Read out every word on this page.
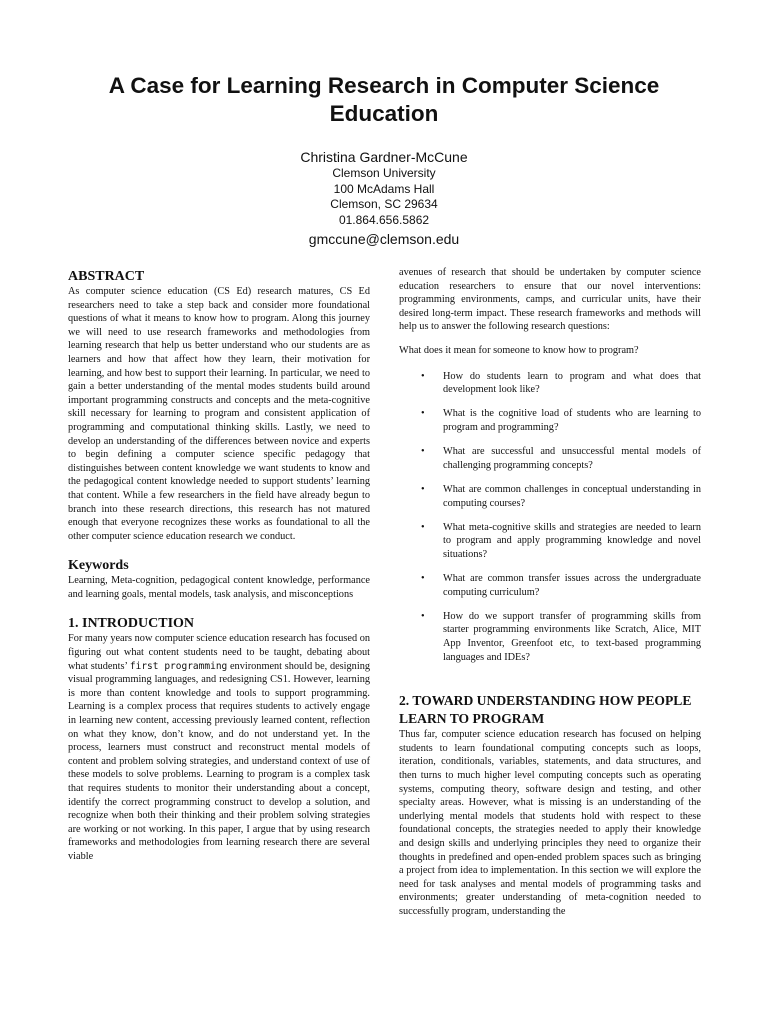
A Case for Learning Research in Computer Science Education
Christina Gardner-McCune
Clemson University
100 McAdams Hall
Clemson, SC 29634
01.864.656.5862
gmccune@clemson.edu
ABSTRACT

As computer science education (CS Ed) research matures, CS Ed researchers need to take a step back and consider more foundational questions of what it means to know how to program. Along this journey we will need to use research frameworks and methodologies from learning research that help us better understand who our students are as learners and how that affect how they learn, their motivation for learning, and how best to support their learning. In particular, we need to gain a better understanding of the mental modes students build around important programming constructs and concepts and the meta-cognitive skill necessary for learning to program and consistent application of programming and computational thinking skills. Lastly, we need to develop an understanding of the differences between novice and experts to begin defining a computer science specific pedagogy that distinguishes between content knowledge we want students to know and the pedagogical content knowledge needed to support students’ learning that content. While a few researchers in the field have already begun to branch into these research directions, this research has not matured enough that everyone recognizes these works as foundational to all the other computer science education research we conduct.

Keywords

Learning, Meta-cognition, pedagogical content knowledge, performance and learning goals, mental models, task analysis, and misconceptions

1. INTRODUCTION

For many years now computer science education research has focused on figuring out what content students need to be taught, debating about what students’ first programming environment should be, designing visual programming languages, and redesigning CS1. However, learning is more than content knowledge and tools to support programming. Learning is a complex process that requires students to actively engage in learning new content, accessing previously learned content, reflection on what they know, don’t know, and do not understand yet. In the process, learners must construct and reconstruct mental models of content and problem solving strategies, and understand context of use of these models to solve problems. Learning to program is a complex task that requires students to monitor their understanding about a concept, identify the correct programming construct to develop a solution, and recognize when both their thinking and their problem solving strategies are working or not working. In this paper, I argue that by using research frameworks and methodologies from learning research there are several viable

avenues of research that should be undertaken by computer science education researchers to ensure that our novel interventions: programming environments, camps, and curricular units, have their desired long-term impact. These research frameworks and methods will help us to answer the following research questions:

What does it mean for someone to know how to program?

• How do students learn to program and what does that development look like?
• What is the cognitive load of students who are learning to program and programming?
• What are successful and unsuccessful mental models of challenging programming concepts?
• What are common challenges in conceptual understanding in computing courses?
• What meta-cognitive skills and strategies are needed to learn to program and apply programming knowledge and novel situations?
• What are common transfer issues across the undergraduate computing curriculum?
• How do we support transfer of programming skills from starter programming environments like Scratch, Alice, MIT App Inventor, Greenfoot etc, to text-based programming languages and IDEs?
2. TOWARD UNDERSTANDING HOW PEOPLE LEARN TO PROGRAM

Thus far, computer science education research has focused on helping students to learn foundational computing concepts such as loops, iteration, conditionals, variables, statements, and data structures, and then turns to much higher level computing concepts such as operating systems, computing theory, software design and testing, and other specialty areas. However, what is missing is an understanding of the underlying mental models that students hold with respect to these foundational concepts, the strategies needed to apply their knowledge and design skills and underlying principles they need to organize their thoughts in predefined and open-ended problem spaces such as bringing a project from idea to implementation. In this section we will explore the need for task analyses and mental models of programming tasks and environments; greater understanding of meta-cognition needed to successfully program, understanding the
